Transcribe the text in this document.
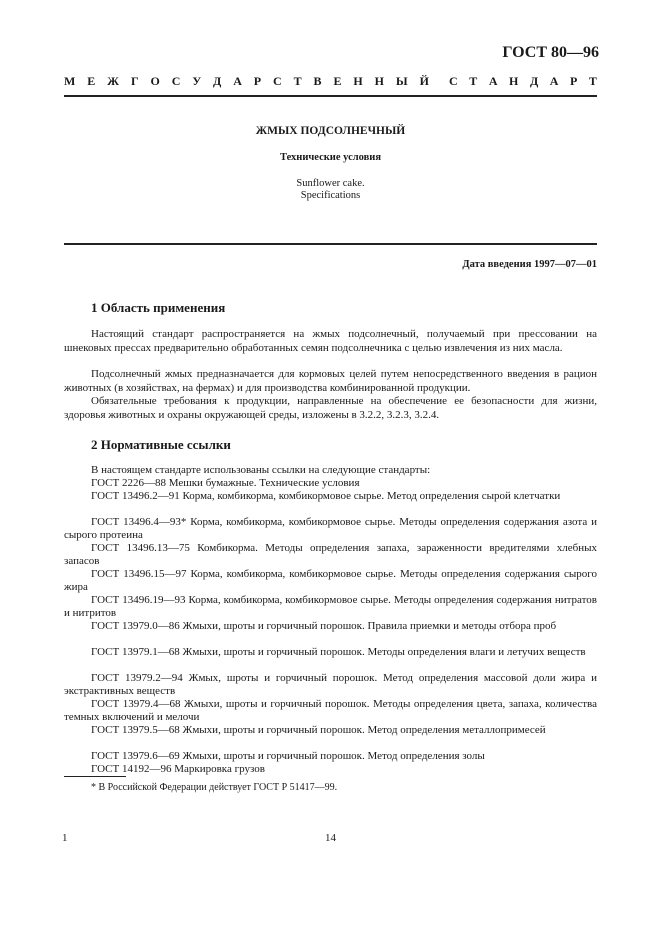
ГОСТ 80—96
М Е Ж Г О С У Д А Р С Т В Е Н Н Ы Й С Т А Н Д А Р Т
ЖМЫХ ПОДСОЛНЕЧНЫЙ
Технические условия
Sunflower cake.
Specifications
Дата введения 1997—07—01
1 Область применения

Настоящий стандарт распространяется на жмых подсолнечный, получаемый при прессовании на шнековых прессах предварительно обработанных семян подсолнечника с целью извлечения из них масла.

Подсолнечный жмых предназначается для кормовых целей путем непосредственного введения в рацион животных (в хозяйствах, на фермах) и для производства комбинированной продукции.

Обязательные требования к продукции, направленные на обеспечение ее безопасности для жизни, здоровья животных и охраны окружающей среды, изложены в 3.2.2, 3.2.3, 3.2.4.

2 Нормативные ссылки

В настоящем стандарте использованы ссылки на следующие стандарты:

ГОСТ 2226—88 Мешки бумажные. Технические условия

ГОСТ 13496.2—91 Корма, комбикорма, комбикормовое сырье. Метод определения сырой клетчатки

ГОСТ 13496.4—93* Корма, комбикорма, комбикормовое сырье. Методы определения содержания азота и сырого протеина

ГОСТ 13496.13—75 Комбикорма. Методы определения запаха, зараженности вредителями хлебных запасов

ГОСТ 13496.15—97 Корма, комбикорма, комбикормовое сырье. Методы определения содержания сырого жира

ГОСТ 13496.19—93 Корма, комбикорма, комбикормовое сырье. Методы определения содержания нитратов и нитритов

ГОСТ 13979.0—86 Жмыхи, шроты и горчичный порошок. Правила приемки и методы отбора проб

ГОСТ 13979.1—68 Жмыхи, шроты и горчичный порошок. Методы определения влаги и летучих веществ

ГОСТ 13979.2—94 Жмых, шроты и горчичный порошок. Метод определения массовой доли жира и экстрактивных веществ

ГОСТ 13979.4—68 Жмыхи, шроты и горчичный порошок. Методы определения цвета, запаха, количества темных включений и мелочи

ГОСТ 13979.5—68 Жмыхи, шроты и горчичный порошок. Метод определения металлопримесей

ГОСТ 13979.6—69 Жмыхи, шроты и горчичный порошок. Метод определения золы

ГОСТ 14192—96 Маркировка грузов

* В Российской Федерации действует ГОСТ Р 51417—99.
1	14
